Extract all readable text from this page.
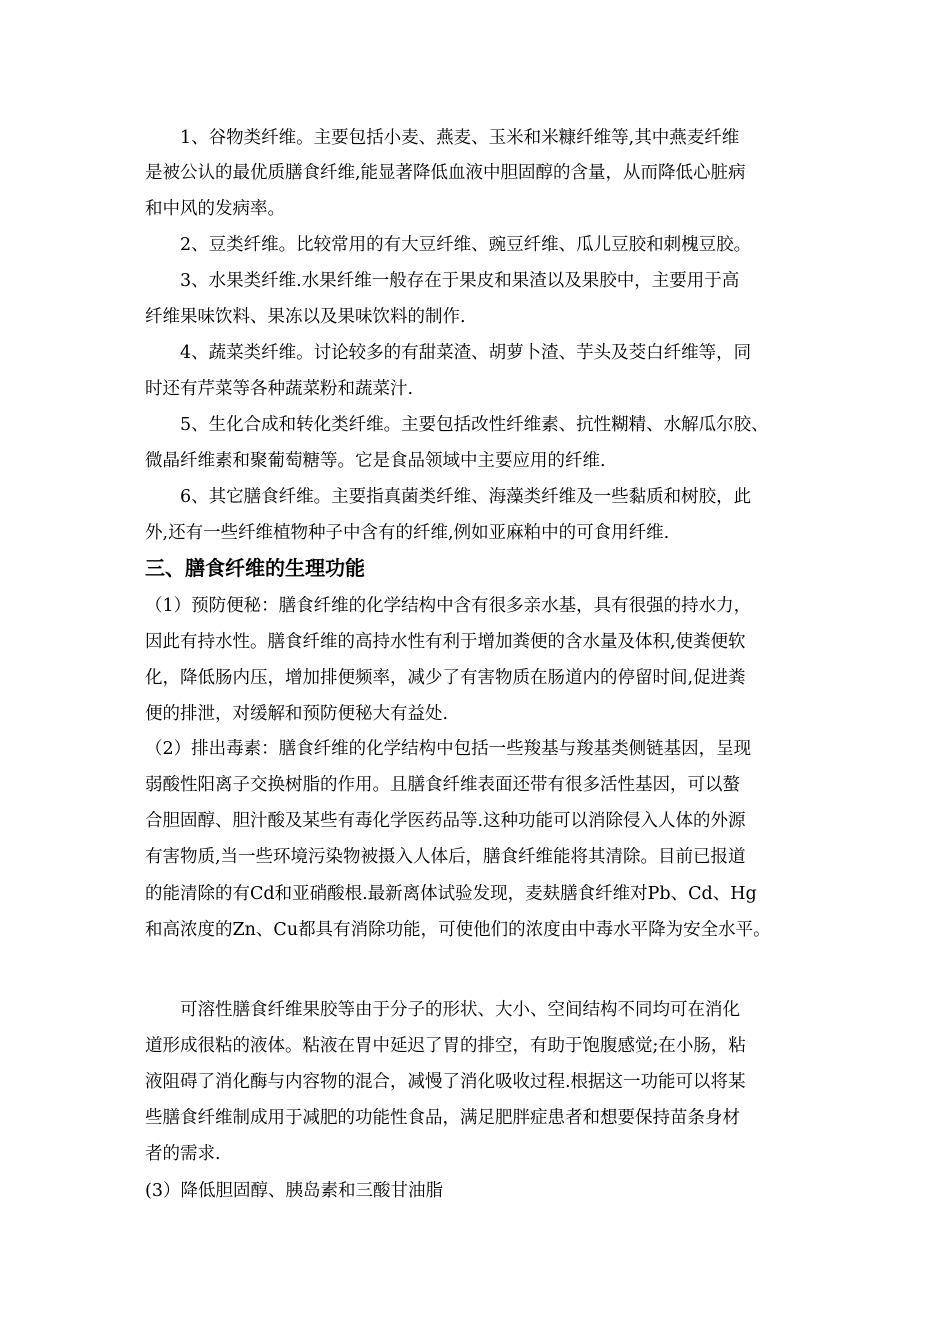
1、谷物类纤维。主要包括小麦、燕麦、玉米和米糠纤维等,其中燕麦纤维
是被公认的最优质膳食纤维,能显著降低血液中胆固醇的含量，从而降低心脏病
和中风的发病率。
2、豆类纤维。比较常用的有大豆纤维、豌豆纤维、瓜儿豆胶和刺槐豆胶。
3、水果类纤维.水果纤维一般存在于果皮和果渣以及果胶中，主要用于高
纤维果味饮料、果冻以及果味饮料的制作.
4、蔬菜类纤维。讨论较多的有甜菜渣、胡萝卜渣、芋头及茭白纤维等，同
时还有芹菜等各种蔬菜粉和蔬菜汁.
5、生化合成和转化类纤维。主要包括改性纤维素、抗性糊精、水解瓜尔胶、
微晶纤维素和聚葡萄糖等。它是食品领域中主要应用的纤维.
6、其它膳食纤维。主要指真菌类纤维、海藻类纤维及一些黏质和树胶，此
外,还有一些纤维植物种子中含有的纤维,例如亚麻粕中的可食用纤维.
三、膳食纤维的生理功能
（1）预防便秘：膳食纤维的化学结构中含有很多亲水基，具有很强的持水力，
因此有持水性。膳食纤维的高持水性有利于增加粪便的含水量及体积,使粪便软
化，降低肠内压，增加排便频率，减少了有害物质在肠道内的停留时间,促进粪
便的排泄，对缓解和预防便秘大有益处.
（2）排出毒素：膳食纤维的化学结构中包括一些羧基与羧基类侧链基因，呈现
弱酸性阳离子交换树脂的作用。且膳食纤维表面还带有很多活性基因，可以螯
合胆固醇、胆汁酸及某些有毒化学医药品等.这种功能可以消除侵入人体的外源
有害物质,当一些环境污染物被摄入人体后，膳食纤维能将其清除。目前已报道
的能清除的有Cd和亚硝酸根.最新离体试验发现，麦麸膳食纤维对Pb、Cd、Hg
和高浓度的Zn、Cu都具有消除功能，可使他们的浓度由中毒水平降为安全水平。
可溶性膳食纤维果胶等由于分子的形状、大小、空间结构不同均可在消化
道形成很粘的液体。粘液在胃中延迟了胃的排空，有助于饱腹感觉;在小肠，粘
液阻碍了消化酶与内容物的混合，减慢了消化吸收过程.根据这一功能可以将某
些膳食纤维制成用于减肥的功能性食品，满足肥胖症患者和想要保持苗条身材
者的需求.
(3）降低胆固醇、胰岛素和三酸甘油脂
